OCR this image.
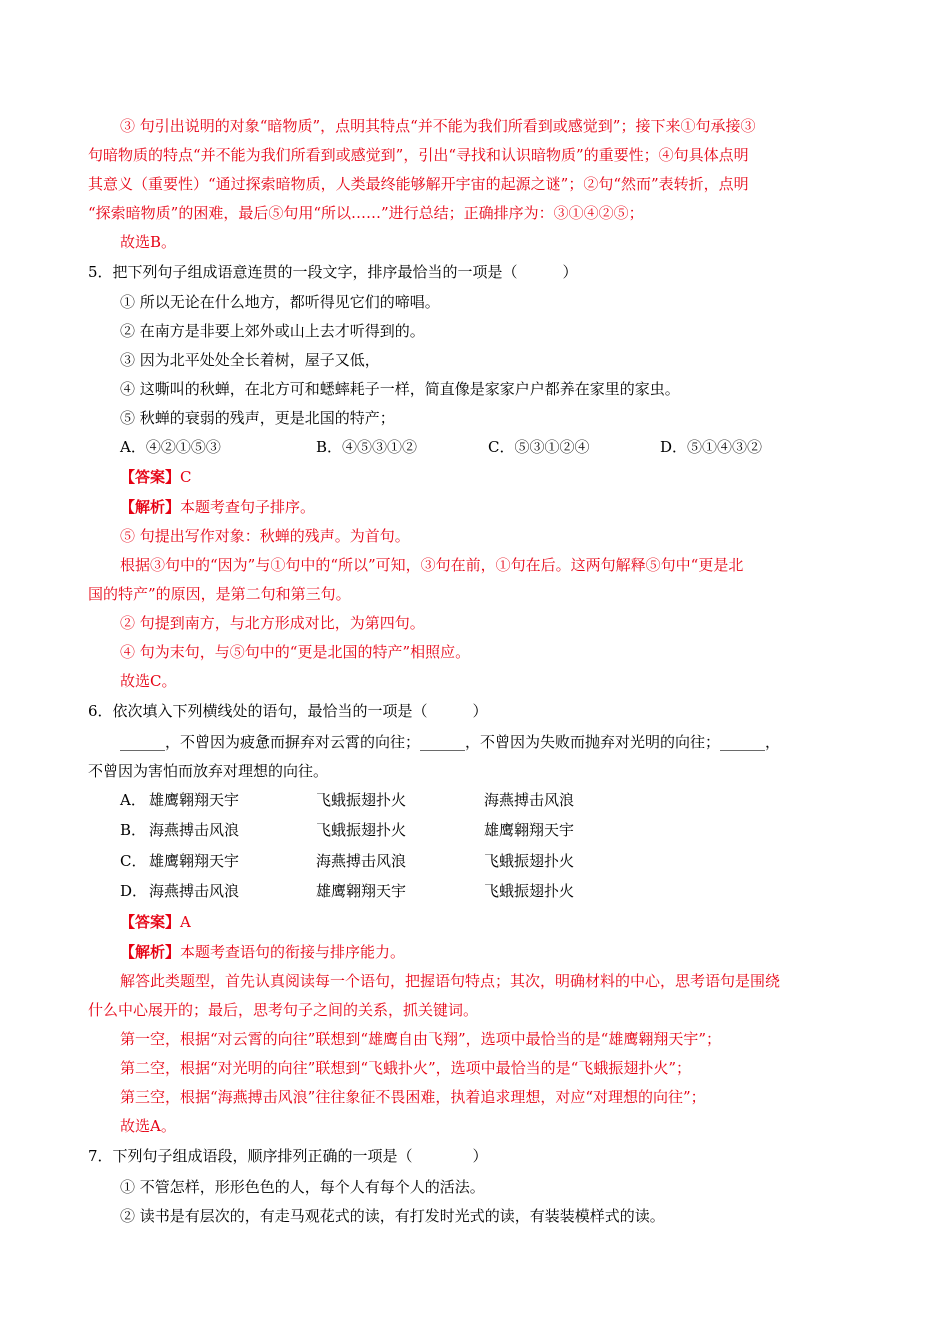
③ 句引出说明的对象“暗物质”，点明其特点“并不能为我们所看到或感觉到”；接下来①句承接③

句暗物质的特点“并不能为我们所看到或感觉到”，引出“寻找和认识暗物质”的重要性；④句具体点明

其意义（重要性）“通过探索暗物质，人类最终能够解开宇宙的起源之谜”；②句“然而”表转折，点明

“探索暗物质”的困难，最后⑤句用“所以……”进行总结；正确排序为：③①④②⑤；

故选B。

5．把下列句子组成语意连贯的一段文字，排序最恰当的一项是（　　　）

① 所以无论在什么地方，都听得见它们的啼唱。

② 在南方是非要上郊外或山上去才听得到的。

③ 因为北平处处全长着树，屋子又低，

④ 这嘶叫的秋蝉，在北方可和蟋蟀耗子一样，简直像是家家户户都养在家里的家虫。

⑤ 秋蝉的衰弱的残声，更是北国的特产；

A．④②①⑤③	B．④⑤③①②	C．⑤③①②④	D．⑤①④③②

【答案】C

【解析】本题考查句子排序。

⑤ 句提出写作对象：秋蝉的残声。为首句。

根据③句中的“因为”与①句中的“所以”可知，③句在前，①句在后。这两句解释⑤句中“更是北

国的特产”的原因，是第二句和第三句。

② 句提到南方，与北方形成对比，为第四句。

④ 句为末句，与⑤句中的“更是北国的特产”相照应。

故选C。

6．依次填入下列横线处的语句，最恰当的一项是（　　　）

______，不曾因为疲惫而摒弃对云霄的向往；______，不曾因为失败而抛弃对光明的向往；______，

不曾因为害怕而放弃对理想的向往。

A． 雄鹰翱翔天宇	飞蛾振翅扑火	海燕搏击风浪
B． 海燕搏击风浪	飞蛾振翅扑火	雄鹰翱翔天宇
C． 雄鹰翱翔天宇	海燕搏击风浪	飞蛾振翅扑火
D． 海燕搏击风浪	雄鹰翱翔天宇	飞蛾振翅扑火

【答案】A

【解析】本题考查语句的衔接与排序能力。

解答此类题型，首先认真阅读每一个语句，把握语句特点；其次，明确材料的中心，思考语句是围绕

什么中心展开的；最后，思考句子之间的关系，抓关键词。

第一空，根据“对云霄的向往”联想到“雄鹰自由飞翔”，选项中最恰当的是“雄鹰翱翔天宇”；

第二空，根据“对光明的向往”联想到“飞蛾扑火”，选项中最恰当的是“飞蛾振翅扑火”；

第三空，根据“海燕搏击风浪”往往象征不畏困难，执着追求理想，对应“对理想的向往”；

故选A。

7．下列句子组成语段，顺序排列正确的一项是（　　　　）

① 不管怎样，形形色色的人，每个人有每个人的活法。

② 读书是有层次的，有走马观花式的读，有打发时光式的读，有装装模样式的读。
